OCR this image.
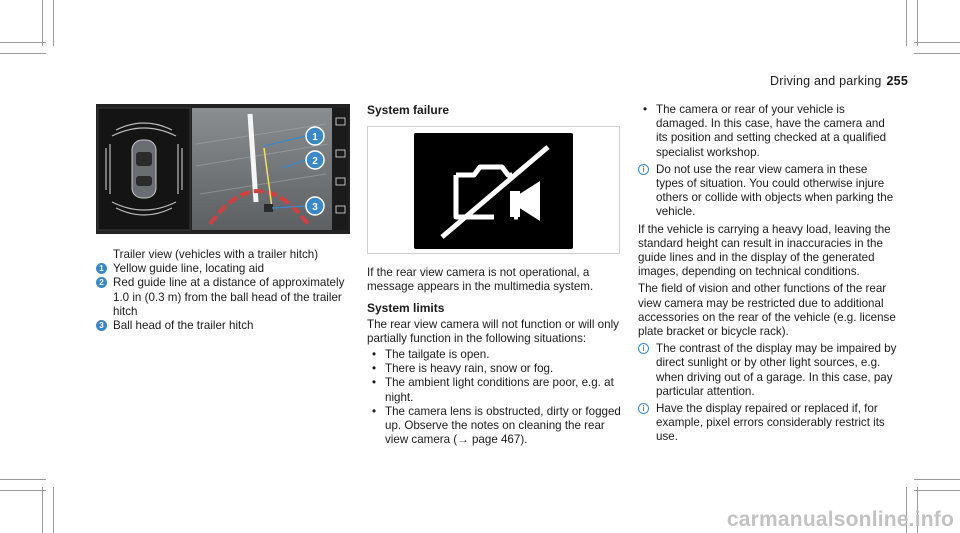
Driving and parking 255
1
2
3

Trailer view (vehicles with a trailer hitch)

1 Yellow guide line, locating aid

2 Red guide line at a distance of approximately 1.0 in (0.3 m) from the ball head of the trailer hitch

3 Ball head of the trailer hitch

System failure

If the rear view camera is not operational, a message appears in the multimedia system.

System limits

The rear view camera will not function or will only partially function in the following situations:

• The tailgate is open.
• There is heavy rain, snow or fog.
• The ambient light conditions are poor, e.g. at night.
• The camera lens is obstructed, dirty or fogged up. Observe the notes on cleaning the rear view camera (→ page 467).
• The camera or rear of your vehicle is damaged. In this case, have the camera and its position and setting checked at a qualified specialist workshop.

i Do not use the rear view camera in these types of situation. You could otherwise injure others or collide with objects when parking the vehicle.

If the vehicle is carrying a heavy load, leaving the standard height can result in inaccuracies in the guide lines and in the display of the generated images, depending on technical conditions.

The field of vision and other functions of the rear view camera may be restricted due to additional accessories on the rear of the vehicle (e.g. license plate bracket or bicycle rack).

i The contrast of the display may be impaired by direct sunlight or by other light sources, e.g. when driving out of a garage. In this case, pay particular attention.

i Have the display repaired or replaced if, for example, pixel errors considerably restrict its use.

carmanualsonline.info
